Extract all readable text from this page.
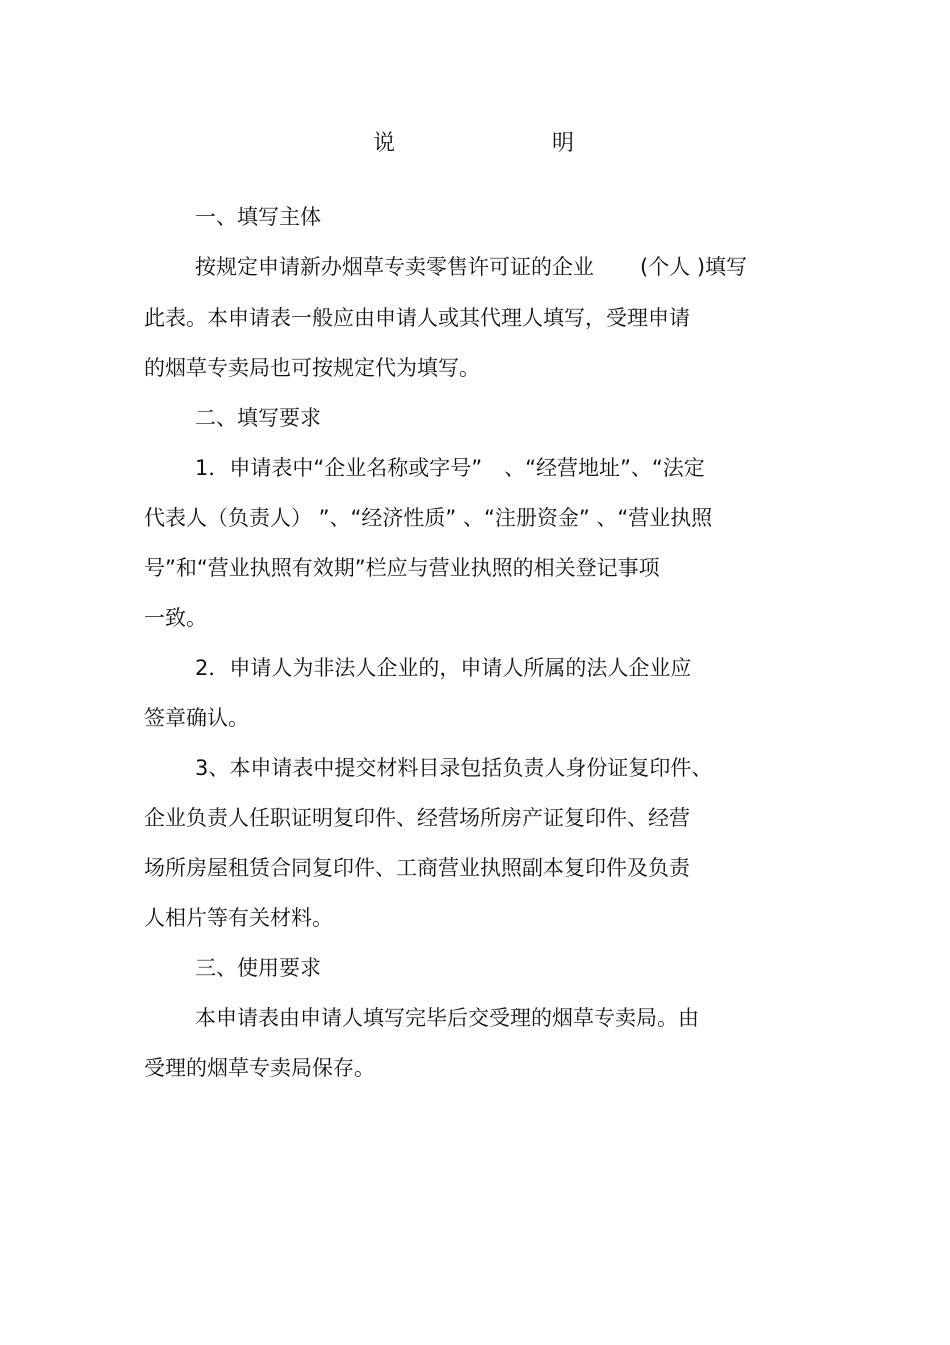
说	明
一、填写主体
按规定申请新办烟草专卖零售许可证的企业 (个人 )填写
此表。本申请表一般应由申请人或其代理人填写，受理申请
的烟草专卖局也可按规定代为填写。
二、填写要求
1．申请表中“企业名称或字号” 、“经营地址”、“法定
代表人（负责人） ”、“经济性质” 、“注册资金” 、“营业执照
号”和“营业执照有效期”栏应与营业执照的相关登记事项
一致。
2．申请人为非法人企业的，申请人所属的法人企业应
签章确认。
3、本申请表中提交材料目录包括负责人身份证复印件、
企业负责人任职证明复印件、经营场所房产证复印件、经营
场所房屋租赁合同复印件、工商营业执照副本复印件及负责
人相片等有关材料。
三、使用要求
本申请表由申请人填写完毕后交受理的烟草专卖局。由
受理的烟草专卖局保存。
